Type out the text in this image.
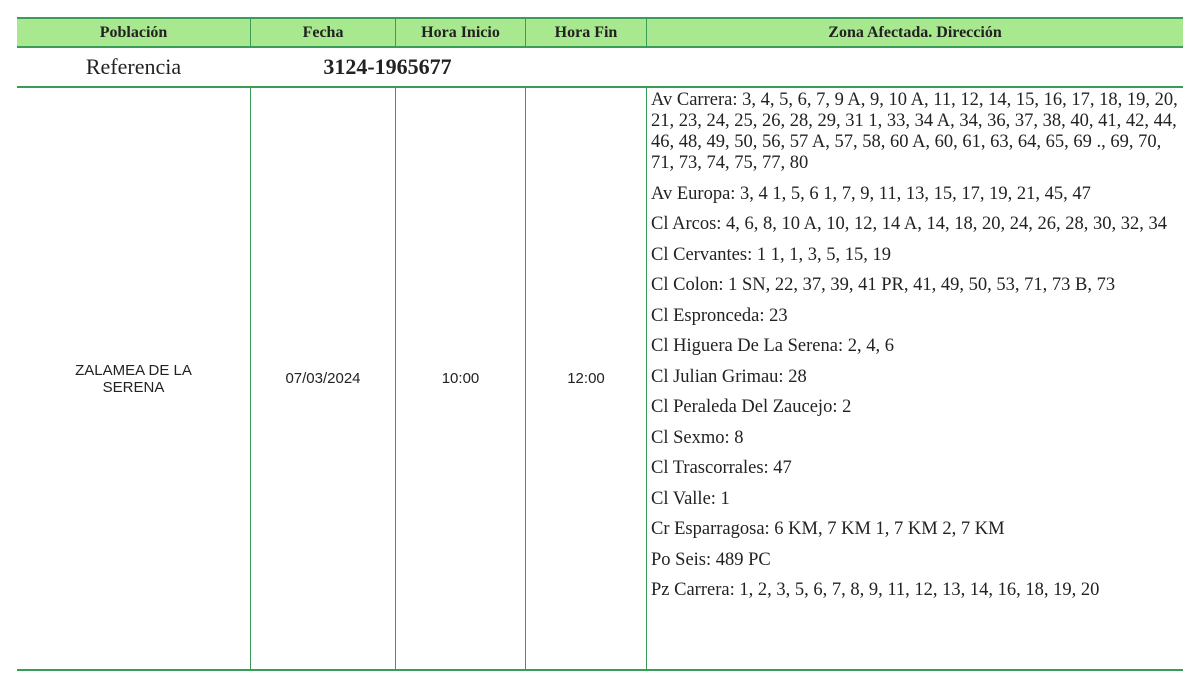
Población	Fecha	Hora Inicio	Hora Fin	Zona Afectada. Dirección
Referencia	3124-1965677
ZALAMEA DE LA SERENA	07/03/2024	10:00	12:00
Av Carrera: 3, 4, 5, 6, 7, 9 A, 9, 10 A, 11, 12, 14, 15, 16, 17, 18, 19, 20, 21, 23, 24, 25, 26, 28, 29, 31 1, 33, 34 A, 34, 36, 37, 38, 40, 41, 42, 44, 46, 48, 49, 50, 56, 57 A, 57, 58, 60 A, 60, 61, 63, 64, 65, 69 ., 69, 70, 71, 73, 74, 75, 77, 80
Av Europa: 3, 4 1, 5, 6 1, 7, 9, 11, 13, 15, 17, 19, 21, 45, 47
Cl Arcos: 4, 6, 8, 10 A, 10, 12, 14 A, 14, 18, 20, 24, 26, 28, 30, 32, 34
Cl Cervantes: 1 1, 1, 3, 5, 15, 19
Cl Colon: 1 SN, 22, 37, 39, 41 PR, 41, 49, 50, 53, 71, 73 B, 73
Cl Espronceda: 23
Cl Higuera De La Serena: 2, 4, 6
Cl Julian Grimau: 28
Cl Peraleda Del Zaucejo: 2
Cl Sexmo: 8
Cl Trascorrales: 47
Cl Valle: 1
Cr Esparragosa: 6 KM, 7 KM 1, 7 KM 2, 7 KM
Po Seis: 489 PC
Pz Carrera: 1, 2, 3, 5, 6, 7, 8, 9, 11, 12, 13, 14, 16, 18, 19, 20
